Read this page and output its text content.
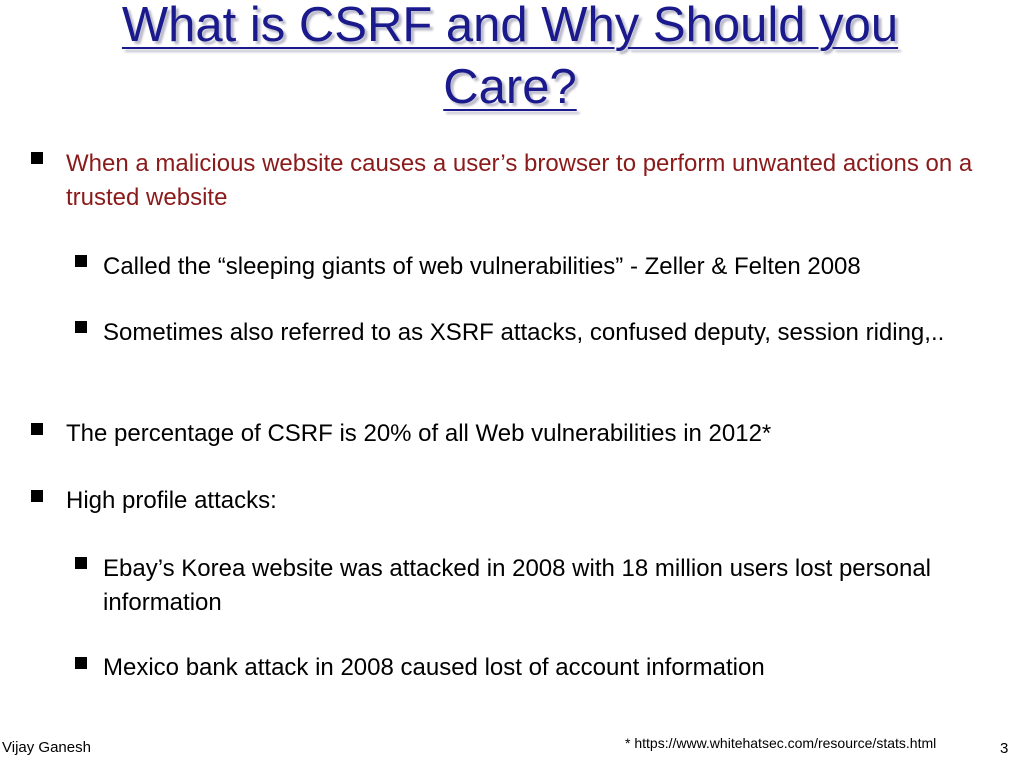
What is CSRF and Why Should you
Care?
When a malicious website causes a user’s browser to perform unwanted actions on a trusted website
Called the “sleeping giants of web vulnerabilities” - Zeller & Felten 2008
Sometimes also referred to as XSRF attacks, confused deputy, session riding,..
The percentage of CSRF is 20% of all Web vulnerabilities in 2012*
High profile attacks:
Ebay’s Korea website was attacked in 2008 with 18 million users lost personal information
Mexico bank attack in 2008 caused lost of account information
Vijay Ganesh	* https://www.whitehatsec.com/resource/stats.html	3
